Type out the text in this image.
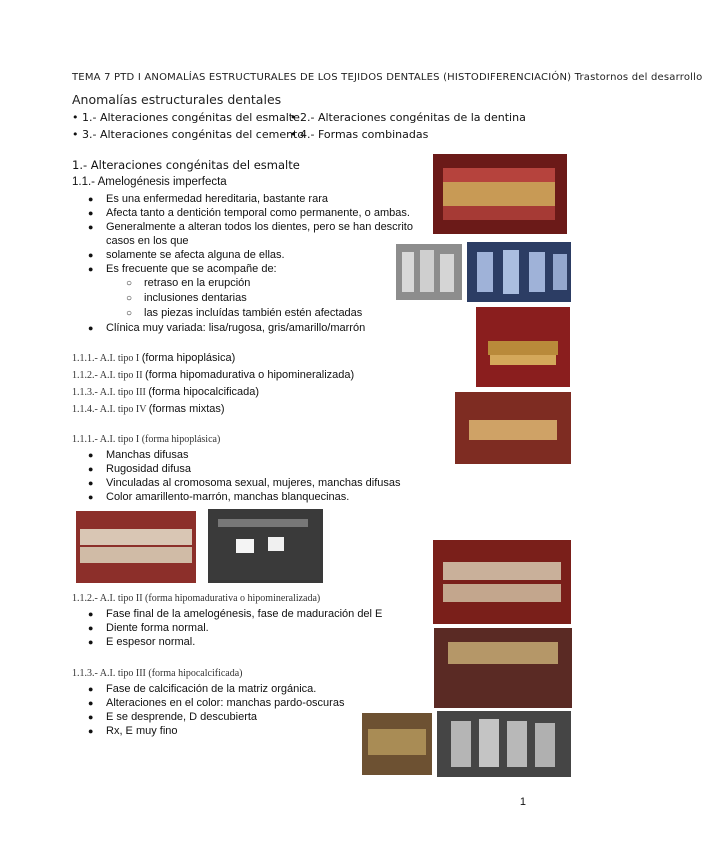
TEMA 7 PTD I ANOMALÍAS ESTRUCTURALES DE LOS TEJIDOS DENTALES (HISTODIFERENCIACIÓN) Trastornos del desarrollo
Anomalías estructurales dentales
• 1.- Alteraciones congénitas del esmalte
• 2.- Alteraciones congénitas de la dentina
• 3.- Alteraciones congénitas del cemento
• 4.- Formas combinadas
1.- Alteraciones congénitas del esmalte
1.1.- Amelogénesis imperfecta
● Es una enfermedad hereditaria, bastante rara
● Afecta tanto a dentición temporal como permanente, o ambas.
● Generalmente a alteran todos los dientes, pero se han descrito casos en los que
● solamente se afecta alguna de ellas.
● Es frecuente que se acompañe de:
○ retraso en la erupción
○ inclusiones dentarias
○ las piezas incluídas también estén afectadas
● Clínica muy variada: lisa/rugosa, gris/amarillo/marrón
1.1.1.- A.I. tipo I (forma hipoplásica)
1.1.2.- A.I. tipo II (forma hipomadurativa o hipomineralizada)
1.1.3.- A.I. tipo III (forma hipocalcificada)
1.1.4.- A.I. tipo IV (formas mixtas)
1.1.1.- A.I. tipo I (forma hipoplásica)
● Manchas difusas
● Rugosidad difusa
● Vinculadas al cromosoma sexual, mujeres, manchas difusas
● Color amarillento-marrón, manchas blanquecinas.
1.1.2.- A.I. tipo II (forma hipomadurativa o hipomineralizada)
● Fase final de la amelogénesis, fase de maduración del E
● Diente forma normal.
● E espesor normal.
1.1.3.- A.I. tipo III (forma hipocalcificada)
● Fase de calcificación de la matriz orgánica.
● Alteraciones en el color: manchas pardo-oscuras
● E se desprende, D descubierta
● Rx, E muy fino
1
